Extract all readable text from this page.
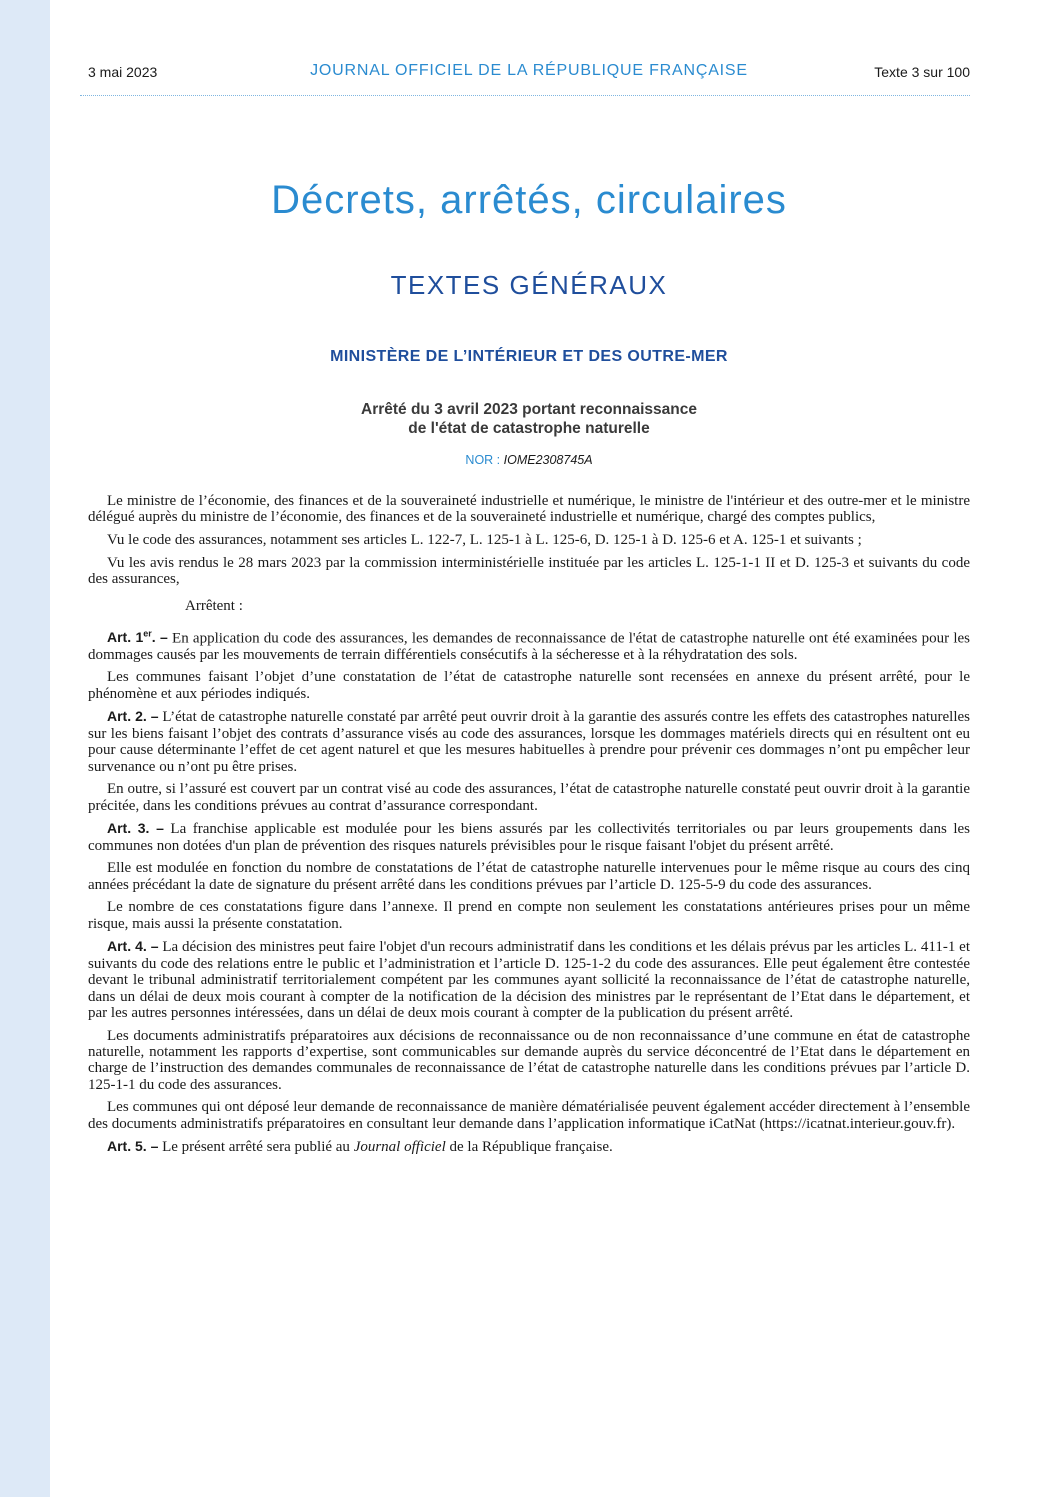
3 mai 2023	JOURNAL OFFICIEL DE LA RÉPUBLIQUE FRANÇAISE	Texte 3 sur 100
Décrets, arrêtés, circulaires
TEXTES GÉNÉRAUX
MINISTÈRE DE L’INTÉRIEUR ET DES OUTRE-MER
Arrêté du 3 avril 2023 portant reconnaissance
de l'état de catastrophe naturelle
NOR : IOME2308745A

Le ministre de l’économie, des finances et de la souveraineté industrielle et numérique, le ministre de l'intérieur et des outre-mer et le ministre délégué auprès du ministre de l’économie, des finances et de la souveraineté industrielle et numérique, chargé des comptes publics,

Vu le code des assurances, notamment ses articles L. 122-7, L. 125-1 à L. 125-6, D. 125-1 à D. 125-6 et A. 125-1 et suivants ;

Vu les avis rendus le 28 mars 2023 par la commission interministérielle instituée par les articles L. 125-1-1 II et D. 125-3 et suivants du code des assurances,

Arrêtent :

Art. 1er. – En application du code des assurances, les demandes de reconnaissance de l'état de catastrophe naturelle ont été examinées pour les dommages causés par les mouvements de terrain différentiels consécutifs à la sécheresse et à la réhydratation des sols.

Les communes faisant l’objet d’une constatation de l’état de catastrophe naturelle sont recensées en annexe du présent arrêté, pour le phénomène et aux périodes indiqués.

Art. 2. – L’état de catastrophe naturelle constaté par arrêté peut ouvrir droit à la garantie des assurés contre les effets des catastrophes naturelles sur les biens faisant l’objet des contrats d’assurance visés au code des assurances, lorsque les dommages matériels directs qui en résultent ont eu pour cause déterminante l’effet de cet agent naturel et que les mesures habituelles à prendre pour prévenir ces dommages n’ont pu empêcher leur survenance ou n’ont pu être prises.

En outre, si l’assuré est couvert par un contrat visé au code des assurances, l’état de catastrophe naturelle constaté peut ouvrir droit à la garantie précitée, dans les conditions prévues au contrat d’assurance correspondant.

Art. 3. – La franchise applicable est modulée pour les biens assurés par les collectivités territoriales ou par leurs groupements dans les communes non dotées d'un plan de prévention des risques naturels prévisibles pour le risque faisant l'objet du présent arrêté.

Elle est modulée en fonction du nombre de constatations de l’état de catastrophe naturelle intervenues pour le même risque au cours des cinq années précédant la date de signature du présent arrêté dans les conditions prévues par l’article D. 125-5-9 du code des assurances.

Le nombre de ces constatations figure dans l’annexe. Il prend en compte non seulement les constatations antérieures prises pour un même risque, mais aussi la présente constatation.

Art. 4. – La décision des ministres peut faire l'objet d'un recours administratif dans les conditions et les délais prévus par les articles L. 411-1 et suivants du code des relations entre le public et l’administration et l’article D. 125-1-2 du code des assurances. Elle peut également être contestée devant le tribunal administratif territorialement compétent par les communes ayant sollicité la reconnaissance de l’état de catastrophe naturelle, dans un délai de deux mois courant à compter de la notification de la décision des ministres par le représentant de l’Etat dans le département, et par les autres personnes intéressées, dans un délai de deux mois courant à compter de la publication du présent arrêté.

Les documents administratifs préparatoires aux décisions de reconnaissance ou de non reconnaissance d’une commune en état de catastrophe naturelle, notamment les rapports d’expertise, sont communicables sur demande auprès du service déconcentré de l’Etat dans le département en charge de l’instruction des demandes communales de reconnaissance de l’état de catastrophe naturelle dans les conditions prévues par l’article D. 125-1-1 du code des assurances.

Les communes qui ont déposé leur demande de reconnaissance de manière dématérialisée peuvent également accéder directement à l’ensemble des documents administratifs préparatoires en consultant leur demande dans l’application informatique iCatNat (https://icatnat.interieur.gouv.fr).

Art. 5. – Le présent arrêté sera publié au Journal officiel de la République française.
